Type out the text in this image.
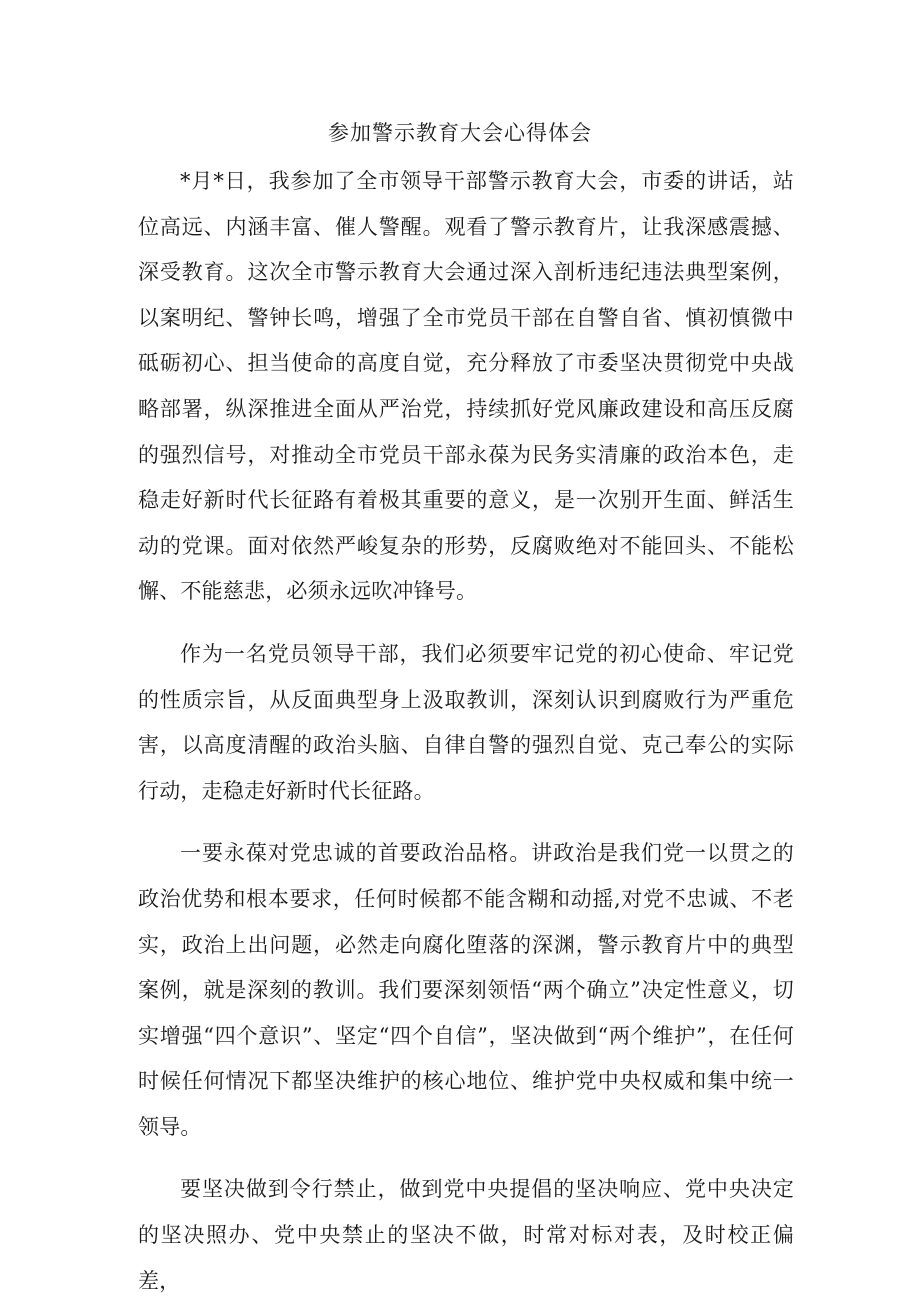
参加警示教育大会心得体会

*月*日，我参加了全市领导干部警示教育大会，市委的讲话，站位高远、内涵丰富、催人警醒。观看了警示教育片，让我深感震撼、深受教育。这次全市警示教育大会通过深入剖析违纪违法典型案例，以案明纪、警钟长鸣，增强了全市党员干部在自警自省、慎初慎微中砥砺初心、担当使命的高度自觉，充分释放了市委坚决贯彻党中央战略部署，纵深推进全面从严治党，持续抓好党风廉政建设和高压反腐的强烈信号，对推动全市党员干部永葆为民务实清廉的政治本色，走稳走好新时代长征路有着极其重要的意义，是一次别开生面、鲜活生动的党课。面对依然严峻复杂的形势，反腐败绝对不能回头、不能松懈、不能慈悲，必须永远吹冲锋号。

作为一名党员领导干部，我们必须要牢记党的初心使命、牢记党的性质宗旨，从反面典型身上汲取教训，深刻认识到腐败行为严重危害，以高度清醒的政治头脑、自律自警的强烈自觉、克己奉公的实际行动，走稳走好新时代长征路。

一要永葆对党忠诚的首要政治品格。讲政治是我们党一以贯之的政治优势和根本要求，任何时候都不能含糊和动摇,对党不忠诚、不老实，政治上出问题，必然走向腐化堕落的深渊，警示教育片中的典型案例，就是深刻的教训。我们要深刻领悟“两个确立”决定性意义，切实增强“四个意识”、坚定“四个自信”，坚决做到“两个维护”，在任何时候任何情况下都坚决维护的核心地位、维护党中央权威和集中统一领导。

要坚决做到令行禁止，做到党中央提倡的坚决响应、党中央决定的坚决照办、党中央禁止的坚决不做，时常对标对表，及时校正偏差，
